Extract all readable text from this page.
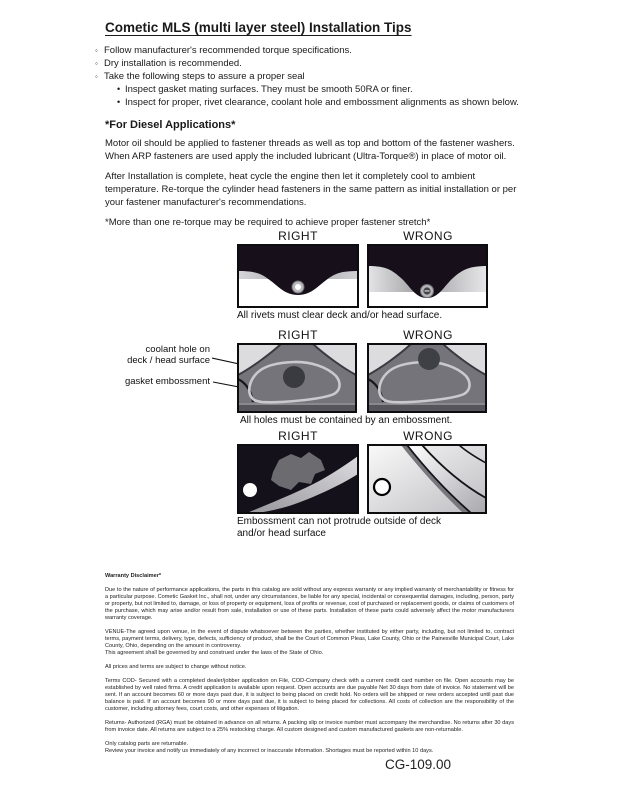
Cometic MLS (multi layer steel) Installation Tips
◦ Follow manufacturer's recommended torque specifications.
◦ Dry installation is recommended.
◦ Take the following steps to assure a proper seal
• Inspect gasket mating surfaces. They must be smooth 50RA or finer.
• Inspect for proper, rivet clearance, coolant hole and embossment alignments as shown below.
*For Diesel Applications*

Motor oil should be applied to fastener threads as well as top and bottom of the fastener washers. When ARP fasteners are used apply the included lubricant (Ultra-Torque®) in place of motor oil.

After Installation is complete, heat cycle the engine then let it completely cool to ambient temperature. Re-torque the cylinder head fasteners in the same pattern as initial installation or per your fastener manufacturer's recommendations.

*More than one re-torque may be required to achieve proper fastener stretch*

RIGHT	WRONG
All rivets must clear deck and/or head surface.
RIGHT	WRONG
coolant hole on
deck / head surface
gasket embossment
All holes must be contained by an embossment.
RIGHT	WRONG
Embossment can not protrude outside of deck
and/or head surface
Warranty Disclaimer*

Due to the nature of performance applications, the parts in this catalog are sold without any express warranty or any implied warranty of merchantability or fitness for a particular purpose. Cometic Gasket Inc., shall not, under any circumstances, be liable for any special, incidental or consequential damages, including, person, party or property, but not limited to, damage, or loss of property or equipment, loss of profits or revenue, cost of purchased or replacement goods, or claims of customers of the purchase, which may arise and/or result from sale, installation or use of these parts. Installation of these parts could adversely affect the motor manufacturers warranty coverage.

VENUE-The agreed upon venue, in the event of dispute whatsoever between the parties, whether instituted by either party, including, but not limited to, contract terms, payment terms, delivery, type, defects, sufficiency of product, shall be the Court of Common Pleas, Lake County, Ohio or the Painesville Municipal Court, Lake County, Ohio, depending on the amount in controversy.
This agreement shall be governed by and construed under the laws of the State of Ohio.

All prices and terms are subject to change without notice.

Terms COD- Secured with a completed dealer/jobber application on File, COD-Company check with a current credit card number on file. Open accounts may be established by well rated firms. A credit application is available upon request. Open accounts are due payable Net 30 days from date of invoice. No statement will be sent. If an account becomes 60 or more days past due, it is subject to being placed on credit hold. No orders will be shipped or new orders accepted until past due balance is paid. If an account becomes 90 or more days past due, it is subject to being placed for collections. All costs of collection are the responsibility of the customer, including attorney fees, court costs, and other expenses of litigation.

Returns- Authorized (RGA) must be obtained in advance on all returns. A packing slip or invoice number must accompany the merchandise. No returns after 30 days from invoice date. All returns are subject to a 25% restocking charge. All custom designed and custom manufactured gaskets are non-returnable.

Only catalog parts are returnable.
Review your invoice and notify us immediately of any incorrect or inaccurate information. Shortages must be reported within 10 days.

CG-109.00
